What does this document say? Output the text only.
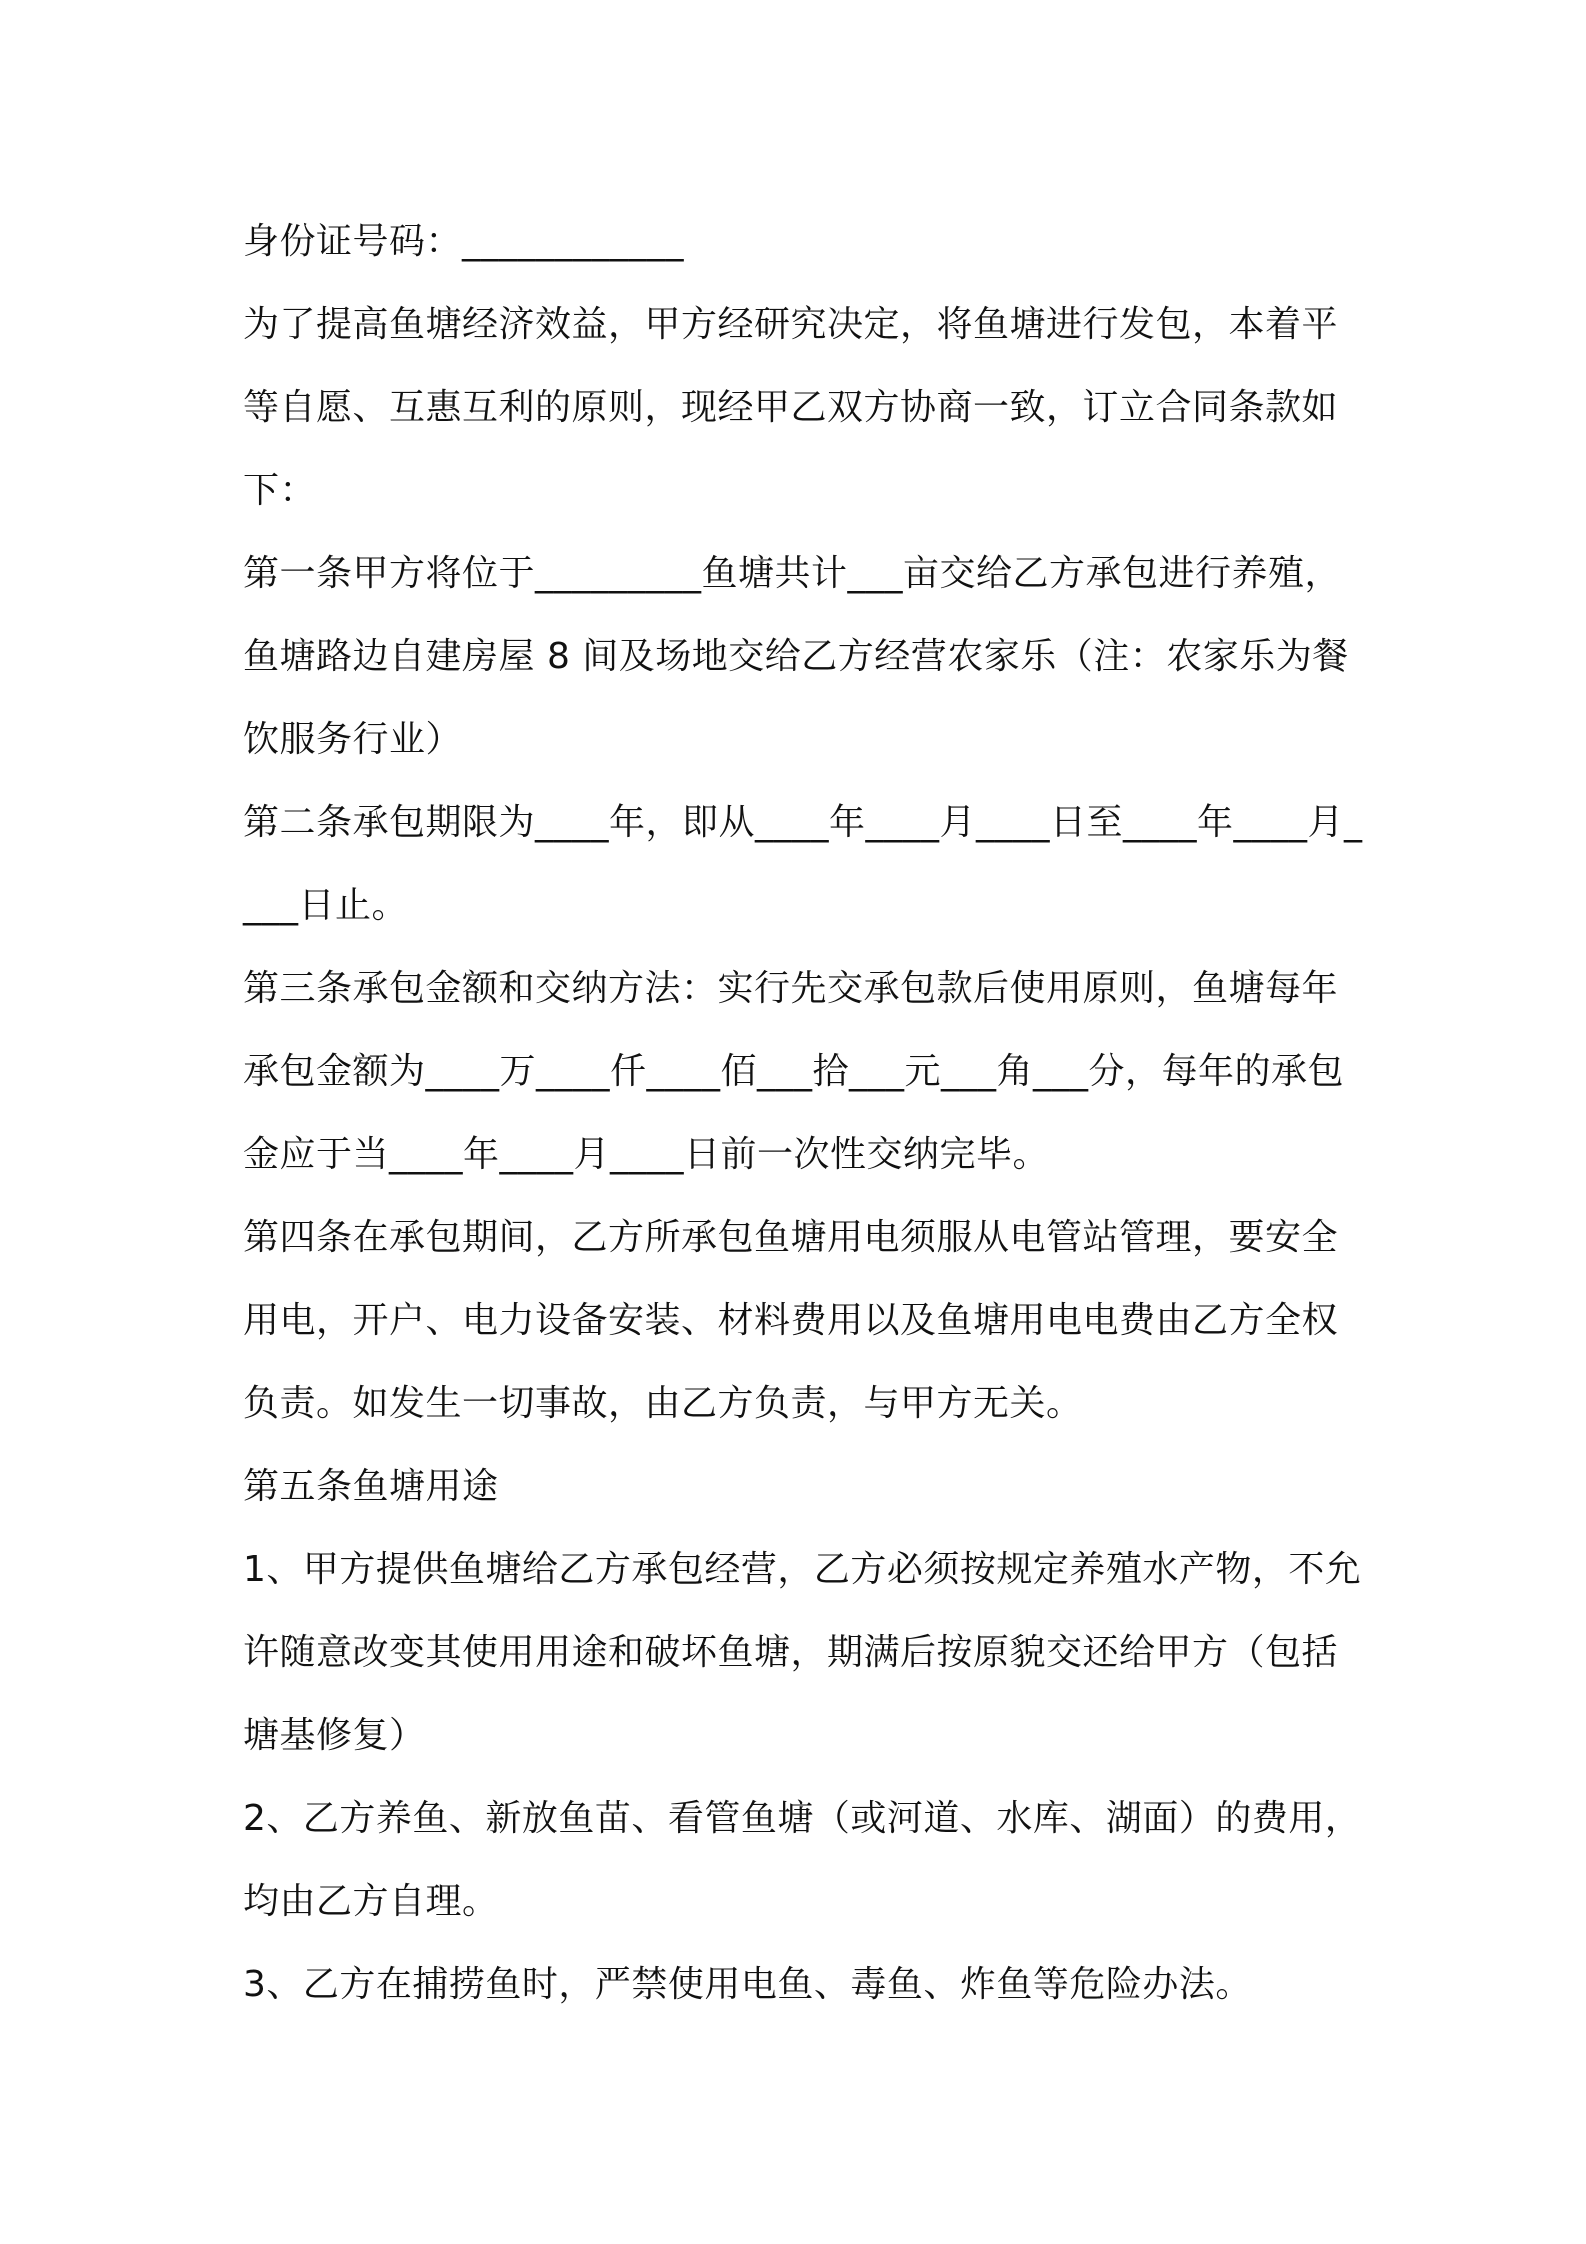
身份证号码：____________

为了提高鱼塘经济效益，甲方经研究决定，将鱼塘进行发包，本着平等自愿、互惠互利的原则，现经甲乙双方协商一致，订立合同条款如下：

第一条甲方将位于_________鱼塘共计___亩交给乙方承包进行养殖，鱼塘路边自建房屋 8 间及场地交给乙方经营农家乐（注：农家乐为餐饮服务行业）

第二条承包期限为____年，即从____年____月____日至____年____月____日止。

第三条承包金额和交纳方法：实行先交承包款后使用原则，鱼塘每年承包金额为____万____仟____佰___拾___元___角___分，每年的承包金应于当____年____月____日前一次性交纳完毕。

第四条在承包期间，乙方所承包鱼塘用电须服从电管站管理，要安全用电，开户、电力设备安装、材料费用以及鱼塘用电电费由乙方全权负责。如发生一切事故，由乙方负责，与甲方无关。

第五条鱼塘用途

1、甲方提供鱼塘给乙方承包经营，乙方必须按规定养殖水产物，不允许随意改变其使用用途和破坏鱼塘，期满后按原貌交还给甲方（包括塘基修复）

2、乙方养鱼、新放鱼苗、看管鱼塘（或河道、水库、湖面）的费用，均由乙方自理。

3、乙方在捕捞鱼时，严禁使用电鱼、毒鱼、炸鱼等危险办法。
